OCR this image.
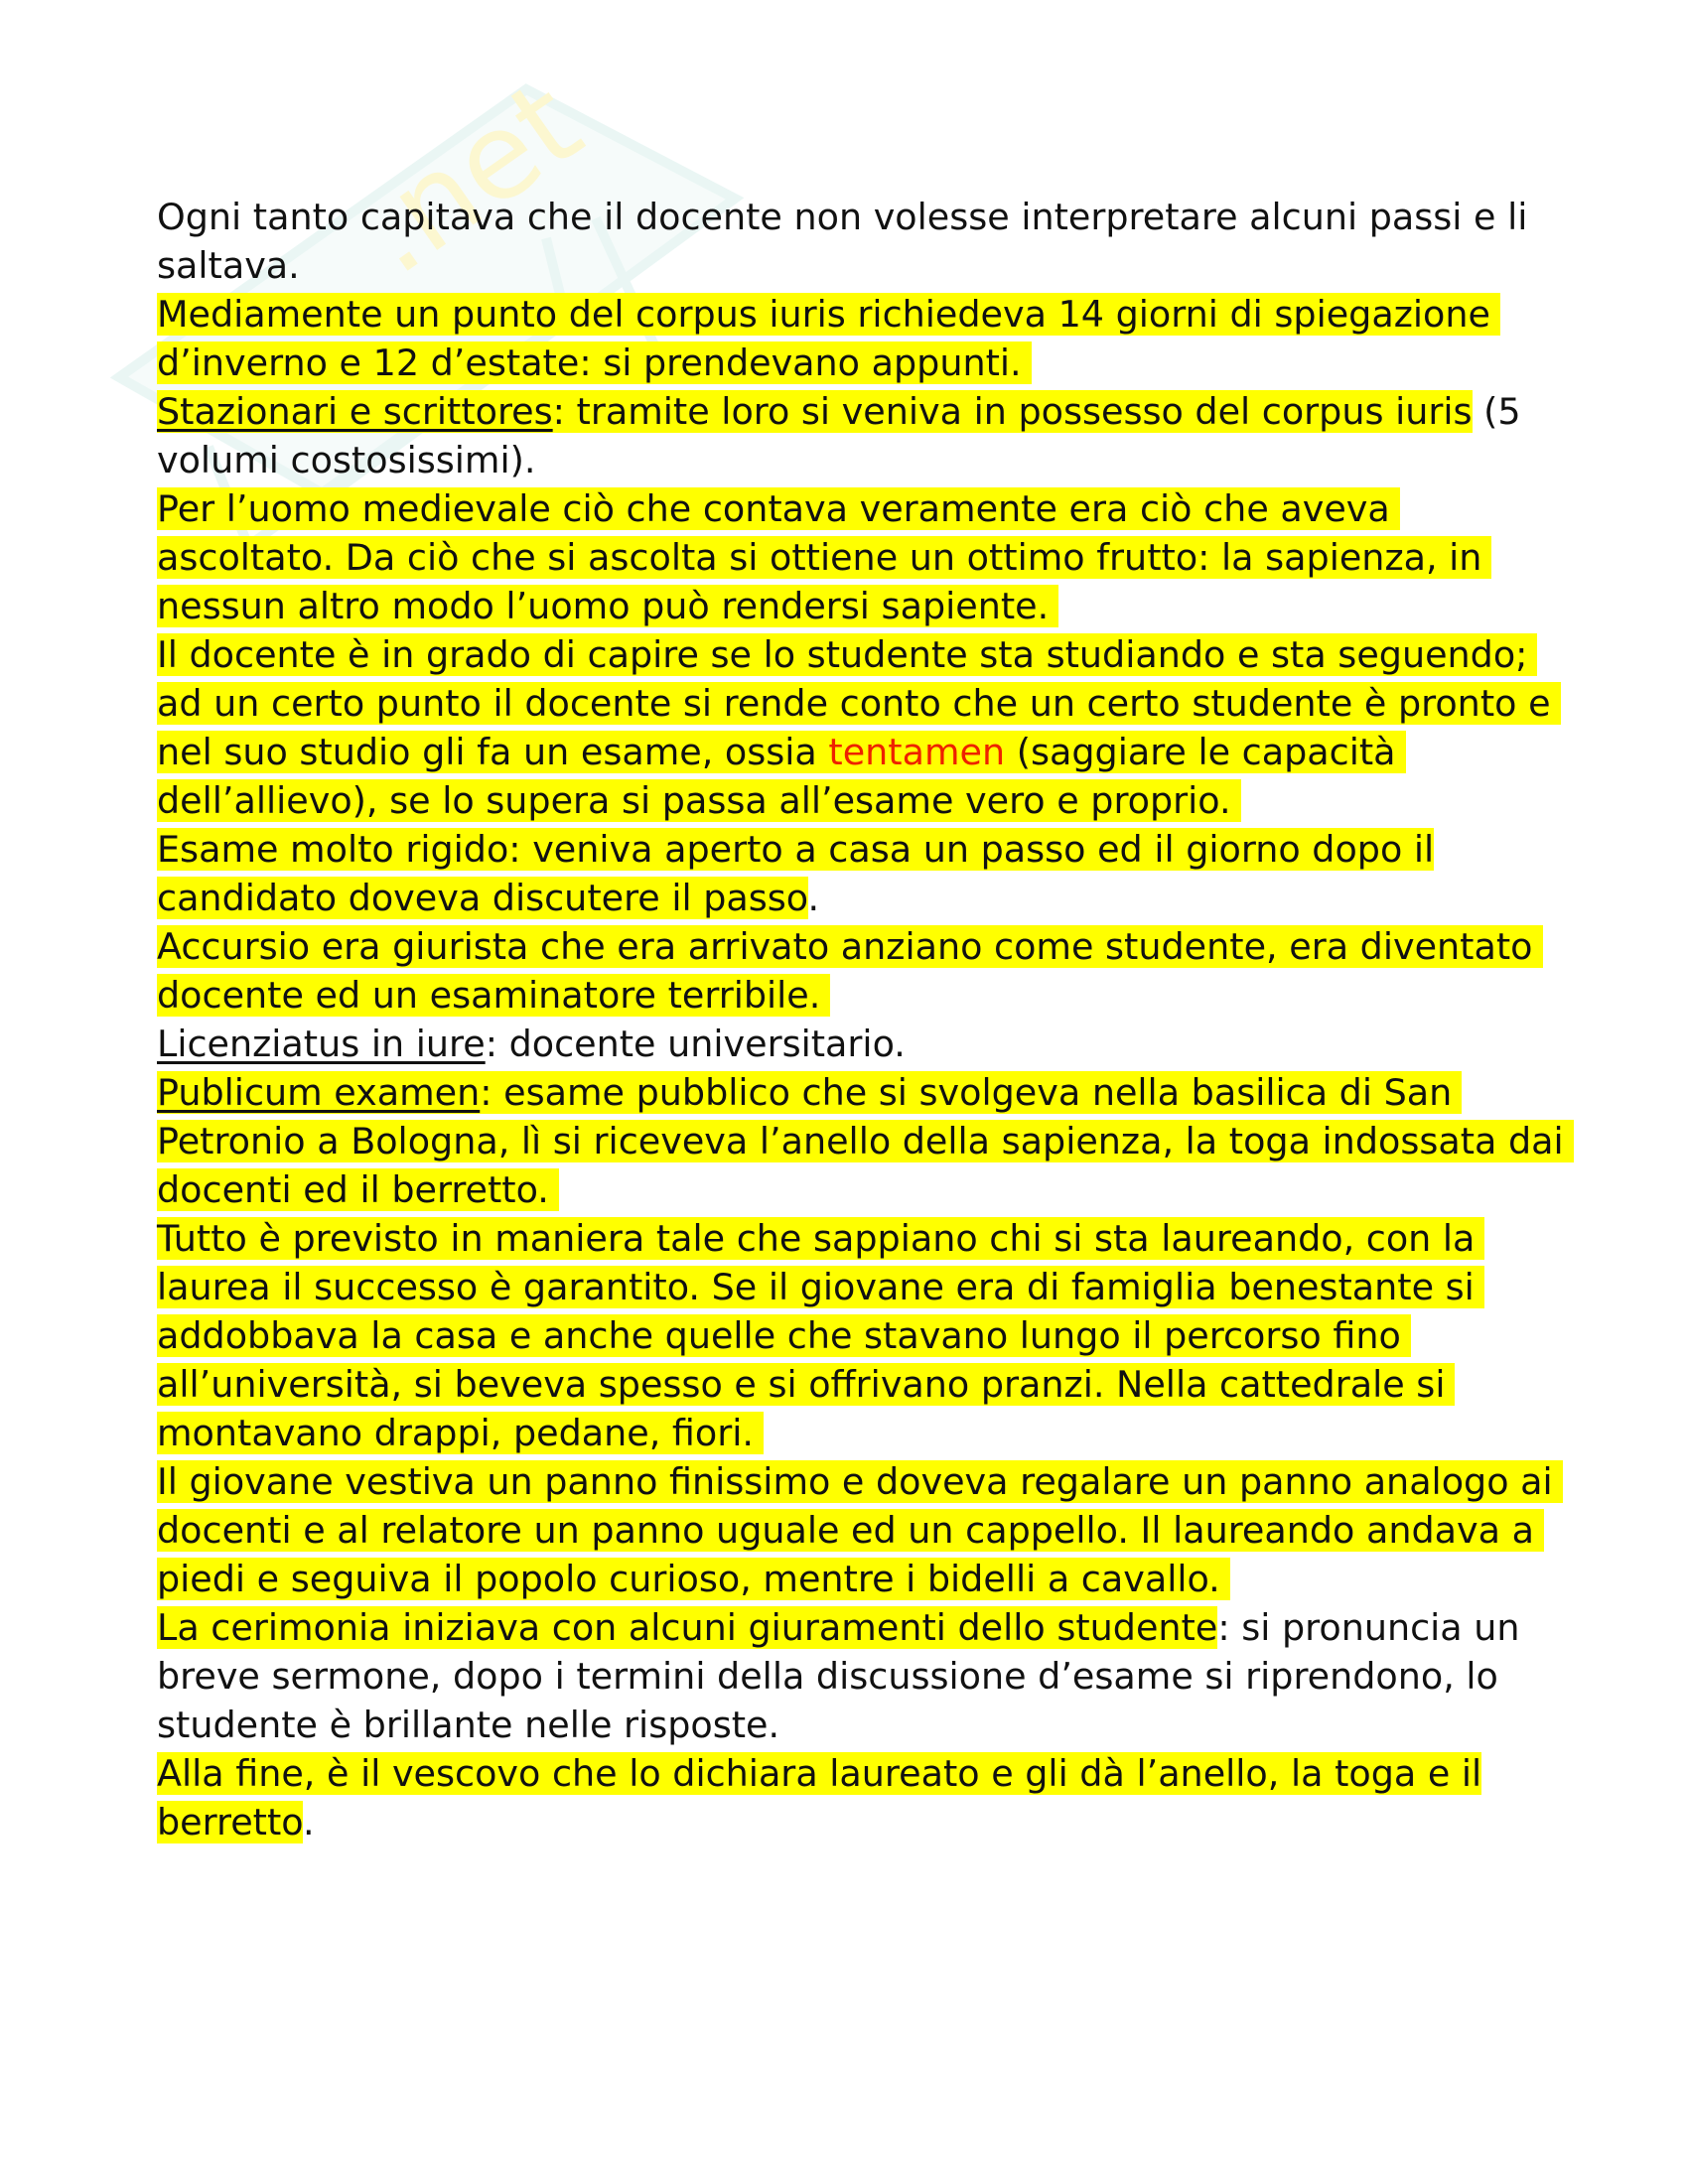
.net

Ogni tanto capitava che il docente non volesse interpretare alcuni passi e li saltava.

Mediamente un punto del corpus iuris richiedeva 14 giorni di spiegazione d’inverno e 12 d’estate: si prendevano appunti.

Stazionari e scrittores: tramite loro si veniva in possesso del corpus iuris (5 volumi costosissimi).

Per l’uomo medievale ciò che contava veramente era ciò che aveva ascoltato. Da ciò che si ascolta si ottiene un ottimo frutto: la sapienza, in nessun altro modo l’uomo può rendersi sapiente.

Il docente è in grado di capire se lo studente sta studiando e sta seguendo; ad un certo punto il docente si rende conto che un certo studente è pronto e nel suo studio gli fa un esame, ossia tentamen (saggiare le capacità dell’allievo), se lo supera si passa all’esame vero e proprio.

Esame molto rigido: veniva aperto a casa un passo ed il giorno dopo il candidato doveva discutere il passo.

Accursio era giurista che era arrivato anziano come studente, era diventato docente ed un esaminatore terribile.

Licenziatus in iure: docente universitario.

Publicum examen: esame pubblico che si svolgeva nella basilica di San Petronio a Bologna, lì si riceveva l’anello della sapienza, la toga indossata dai docenti ed il berretto.

Tutto è previsto in maniera tale che sappiano chi si sta laureando, con la laurea il successo è garantito. Se il giovane era di famiglia benestante si addobbava la casa e anche quelle che stavano lungo il percorso fino all’università, si beveva spesso e si offrivano pranzi. Nella cattedrale si montavano drappi, pedane, fiori.

Il giovane vestiva un panno finissimo e doveva regalare un panno analogo ai docenti e al relatore un panno uguale ed un cappello. Il laureando andava a piedi e seguiva il popolo curioso, mentre i bidelli a cavallo.

La cerimonia iniziava con alcuni giuramenti dello studente: si pronuncia un breve sermone, dopo i termini della discussione d’esame si riprendono, lo studente è brillante nelle risposte.

Alla fine, è il vescovo che lo dichiara laureato e gli dà l’anello, la toga e il berretto.
